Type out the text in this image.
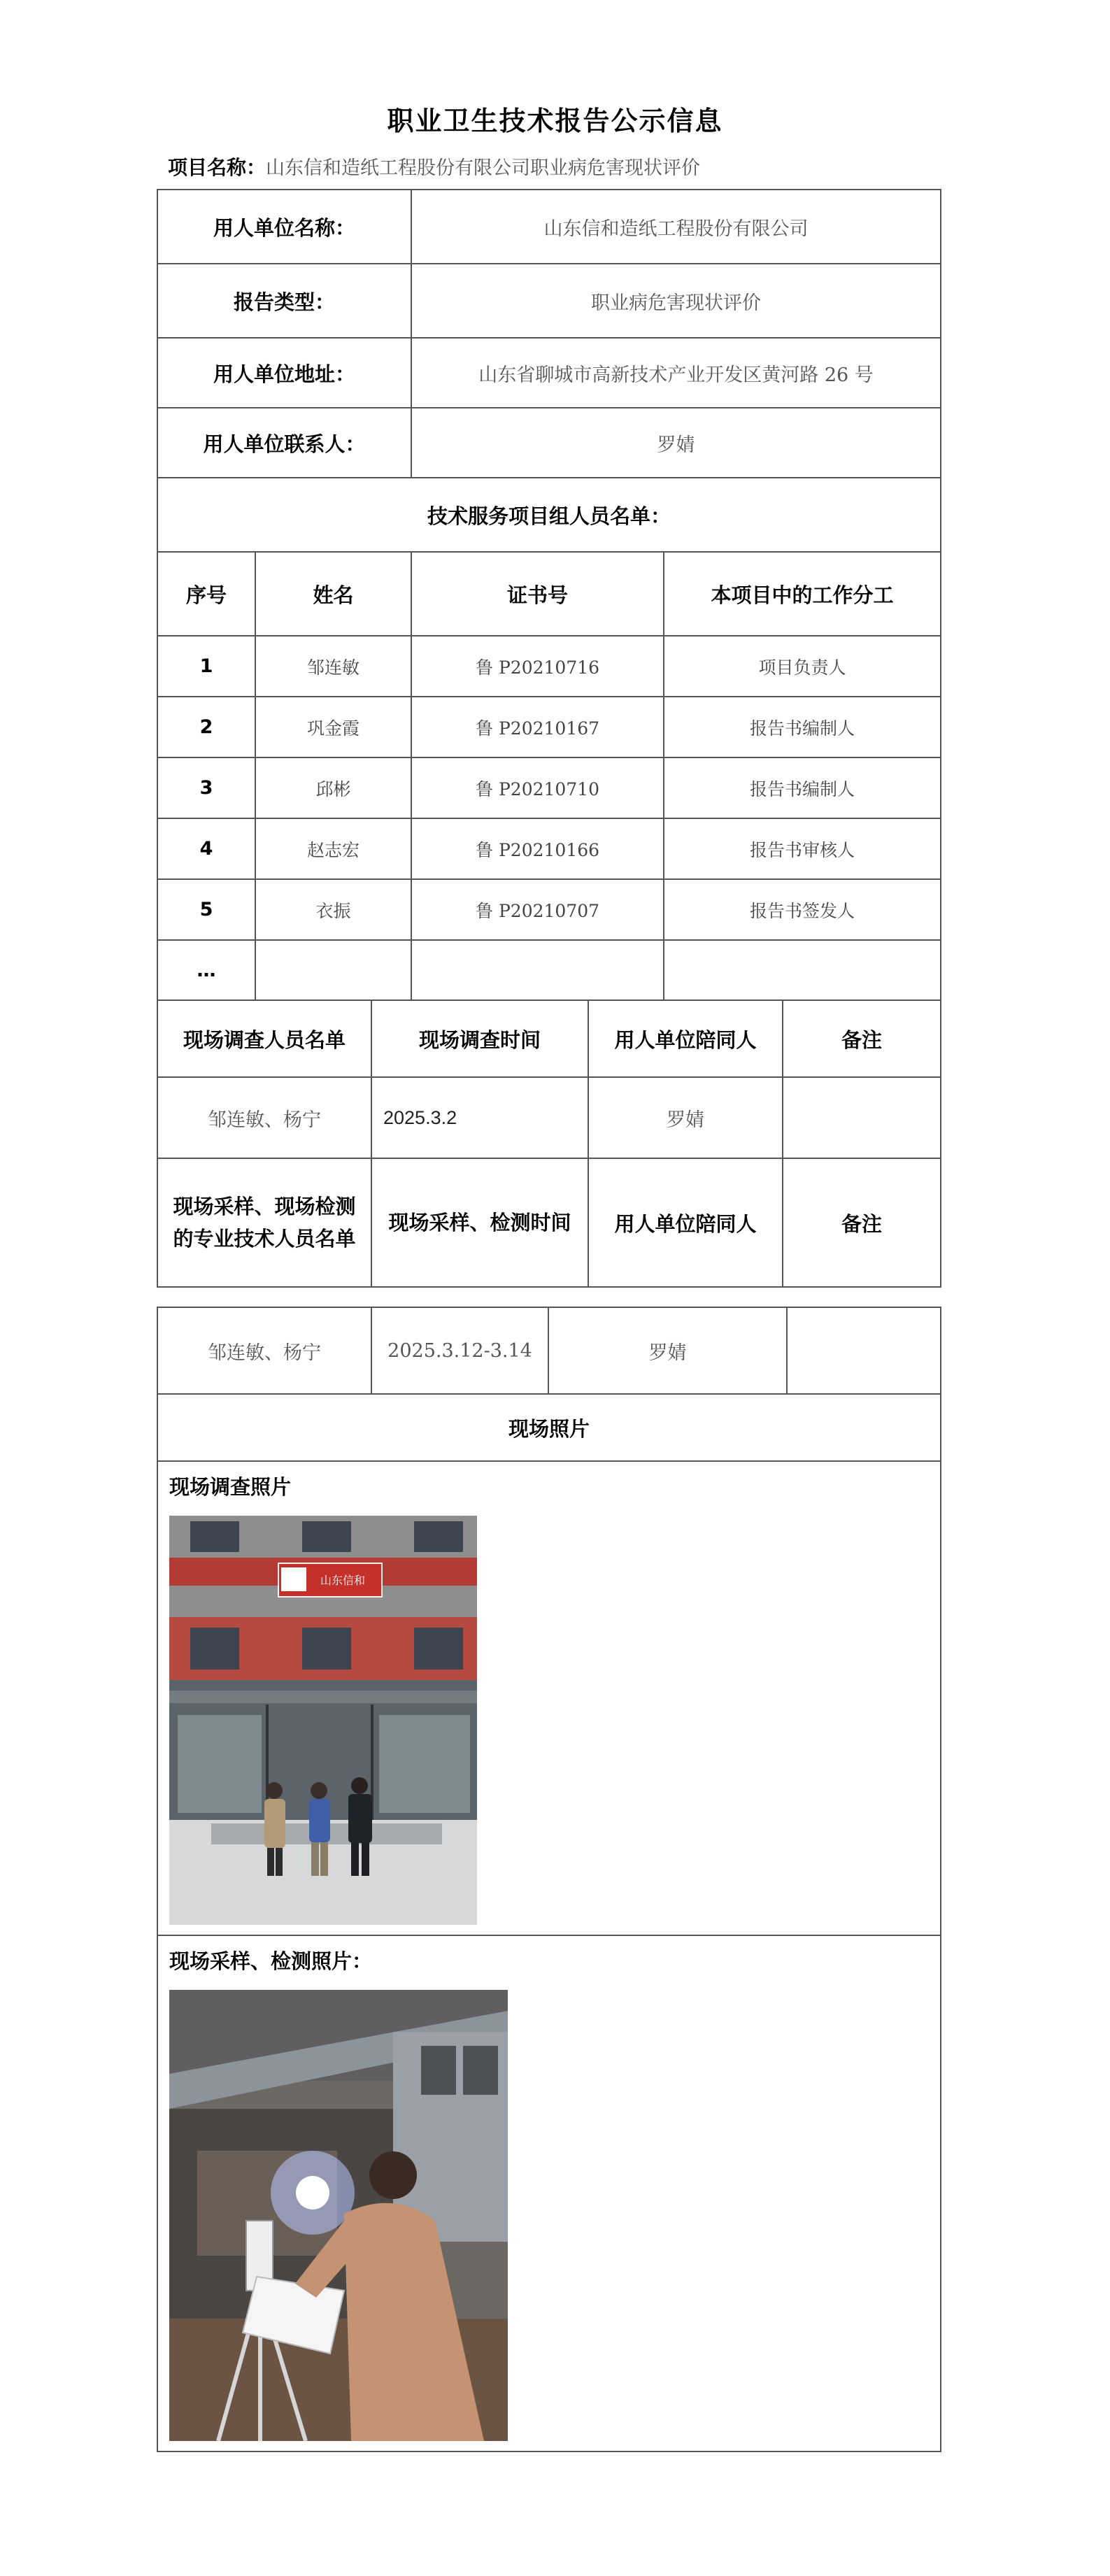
职业卫生技术报告公示信息
项目名称：山东信和造纸工程股份有限公司职业病危害现状评价
用人单位名称：			山东信和造纸工程股份有限公司			
报告类型：			职业病危害现状评价			
用人单位地址：			山东省聊城市高新技术产业开发区黄河路 26 号			
用人单位联系人：			罗婧			
技术服务项目组人员名单：						
序号	姓名		证书号		本项目中的工作分工	
1	邹连敏		鲁 P20210716		项目负责人	
2	巩金霞		鲁 P20210167		报告书编制人	
3	邱彬		鲁 P20210710		报告书编制人	
4	赵志宏		鲁 P20210166		报告书审核人	
5	衣振		鲁 P20210707		报告书签发人	
…						
现场调查人员名单		现场调查时间		用人单位陪同人		备注
邹连敏、杨宁		2025.3.2		罗婧		
现场采样、现场检测的专业技术人员名单		现场采样、检测时间		用人单位陪同人		备注
邹连敏、杨宁	2025.3.12-3.14	罗婧	
现场照片
现场调查照片
山东信和

现场采样、检测照片：
